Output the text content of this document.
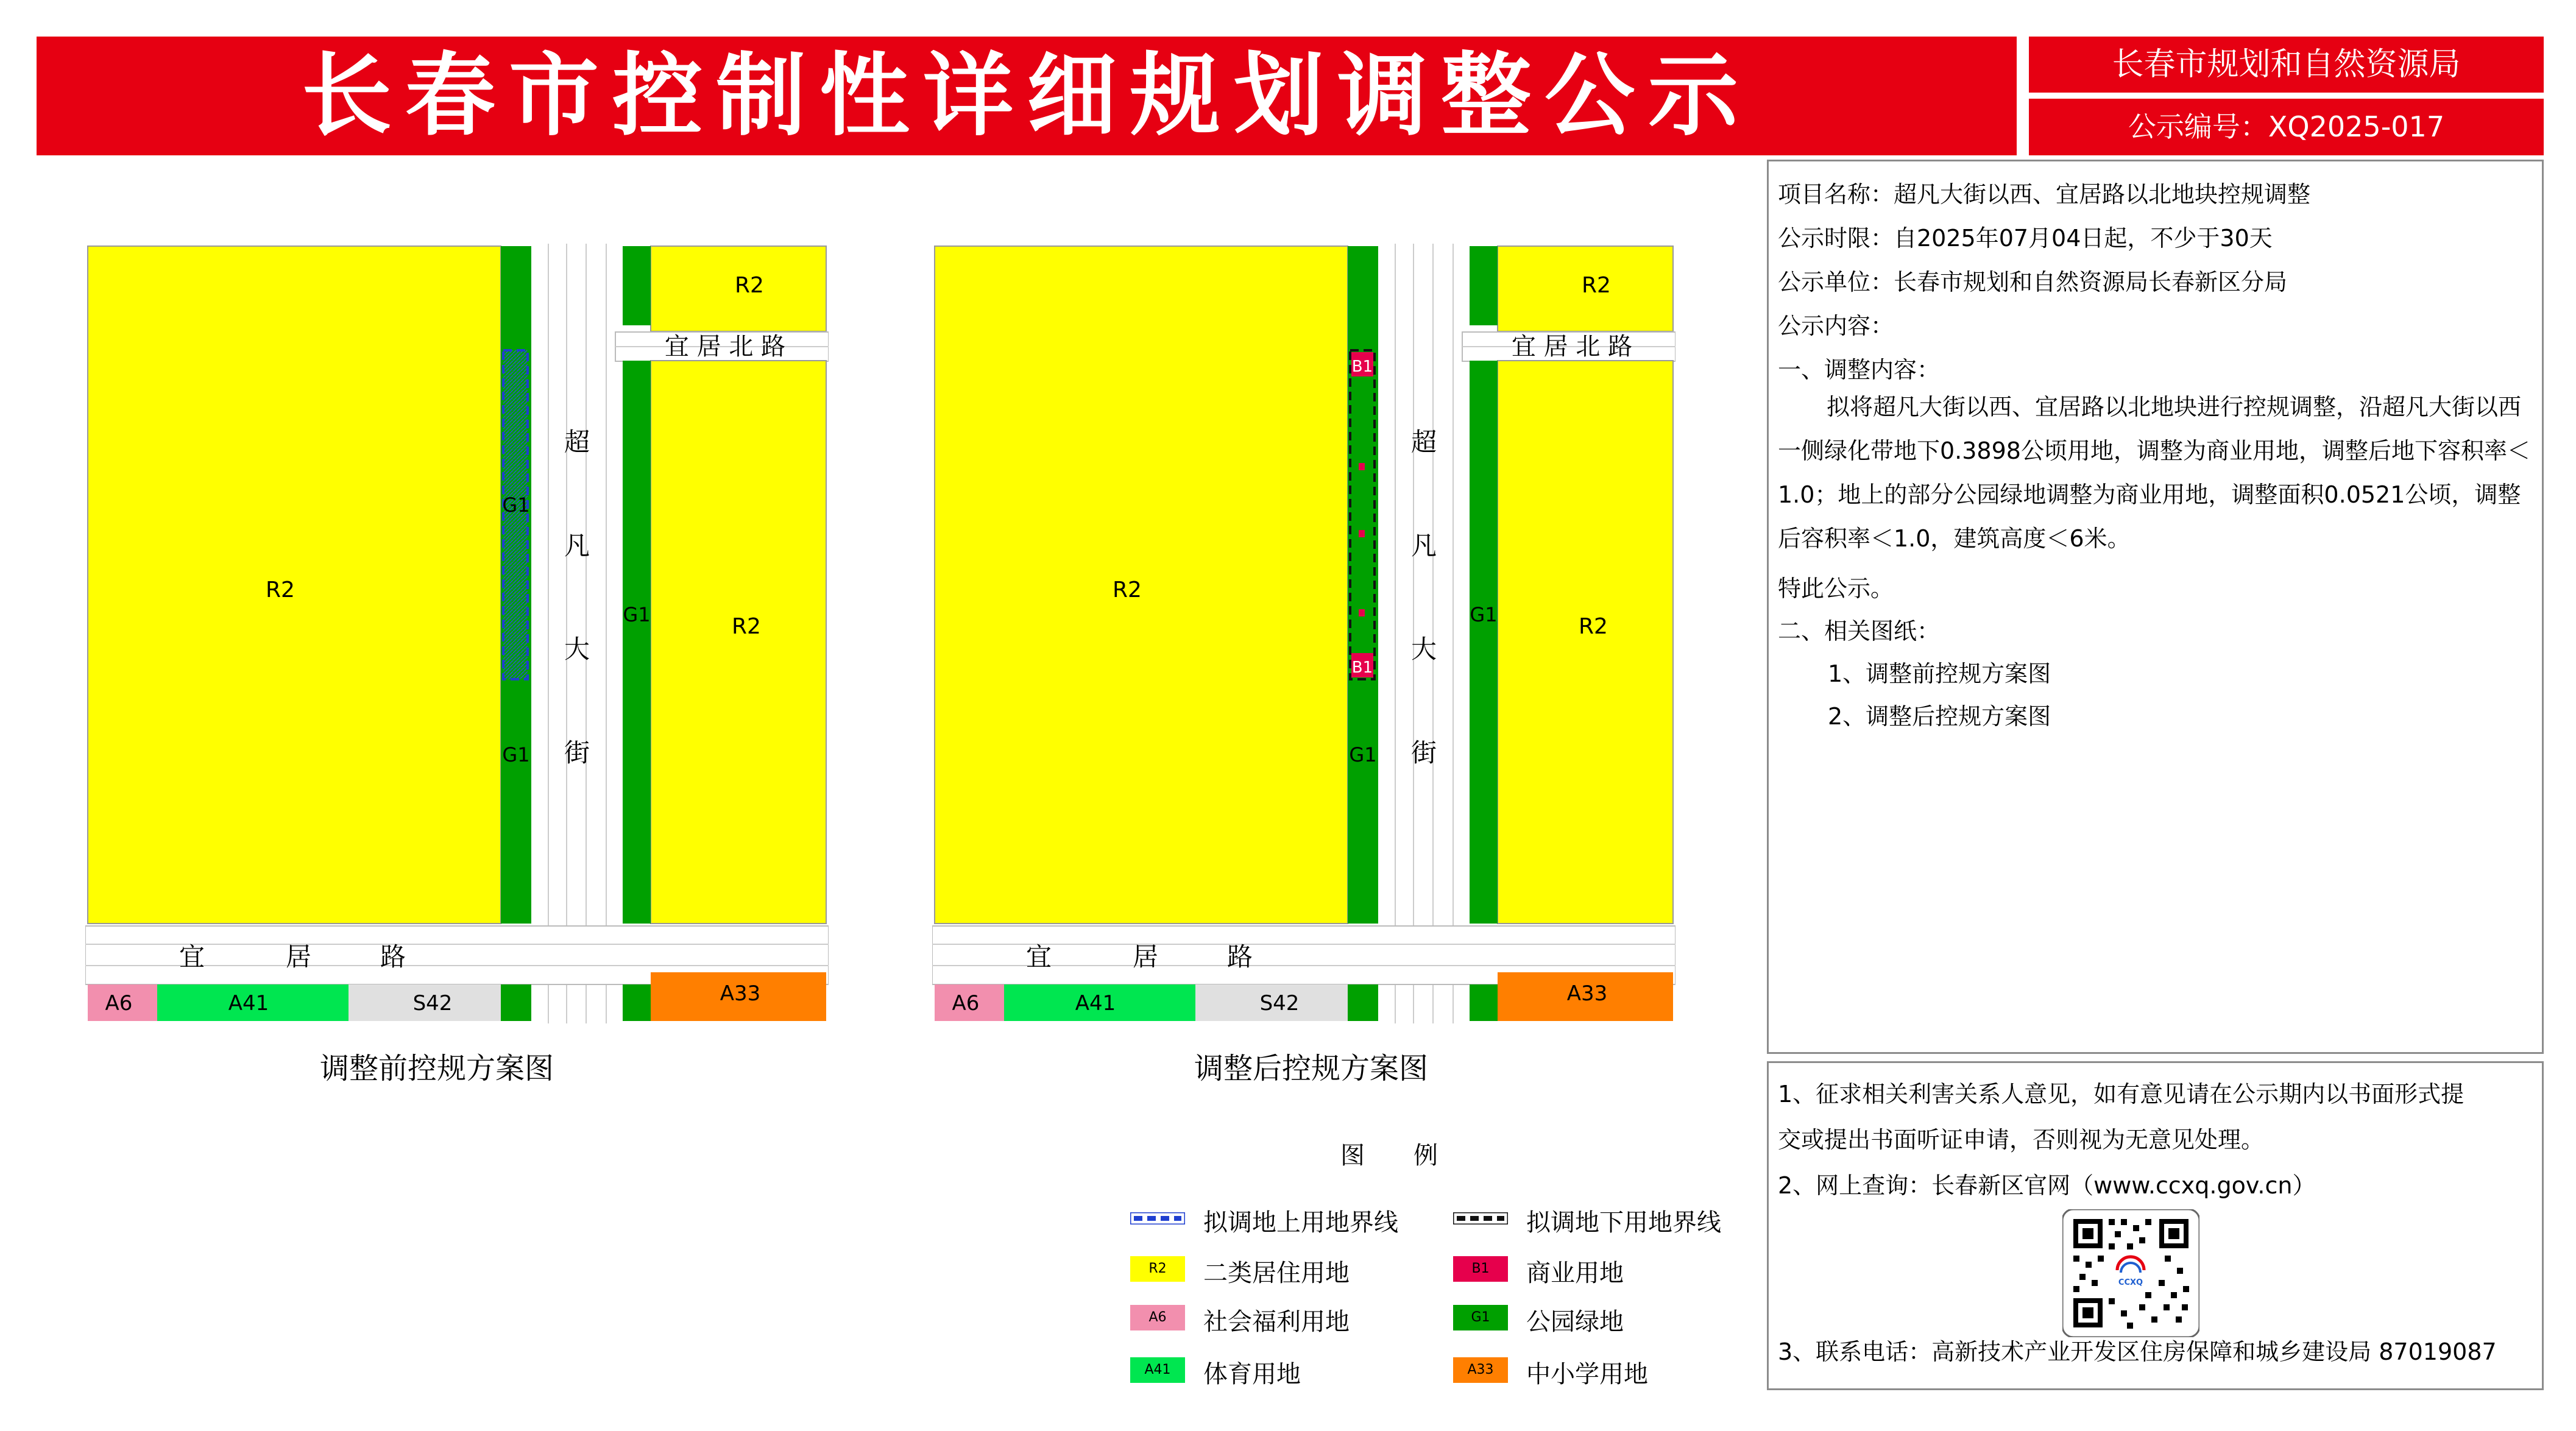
长春市控制性详细规划调整公示	长春市规划和自然资源局
公示编号：XQ2025-017
R2
R2
R2
G1
G1
G1
宜 居 北 路
超
凡
大
街
宜	居	路
A6	A41	S42	A33
调整前控规方案图
R2
R2
R2
B1
B1
G1
G1
宜 居 北 路
超
凡
大
街
宜	居	路
A6	A41	S42	A33
调整后控规方案图
图　　例
拟调地上用地界线	拟调地下用地界线
R2	二类居住用地	B1	商业用地
A6	社会福利用地	G1	公园绿地
A41	体育用地	A33	中小学用地
项目名称：超凡大街以西、宜居路以北地块控规调整
公示时限：自2025年07月04日起，不少于30天
公示单位：长春市规划和自然资源局长春新区分局
公示内容：
一、调整内容：
拟将超凡大街以西、宜居路以北地块进行控规调整，沿超凡大街以西一侧绿化带地下0.3898公顷用地，调整为商业用地，调整后地下容积率＜1.0；地上的部分公园绿地调整为商业用地，调整面积0.0521公顷，调整后容积率＜1.0，建筑高度＜6米。
特此公示。
二、相关图纸：
1、调整前控规方案图
2、调整后控规方案图
1、征求相关利害关系人意见，如有意见请在公示期内以书面形式提
交或提出书面听证申请，否则视为无意见处理。
2、网上查询：长春新区官网（www.ccxq.gov.cn）
CCXQ
3、联系电话：高新技术产业开发区住房保障和城乡建设局 87019087
